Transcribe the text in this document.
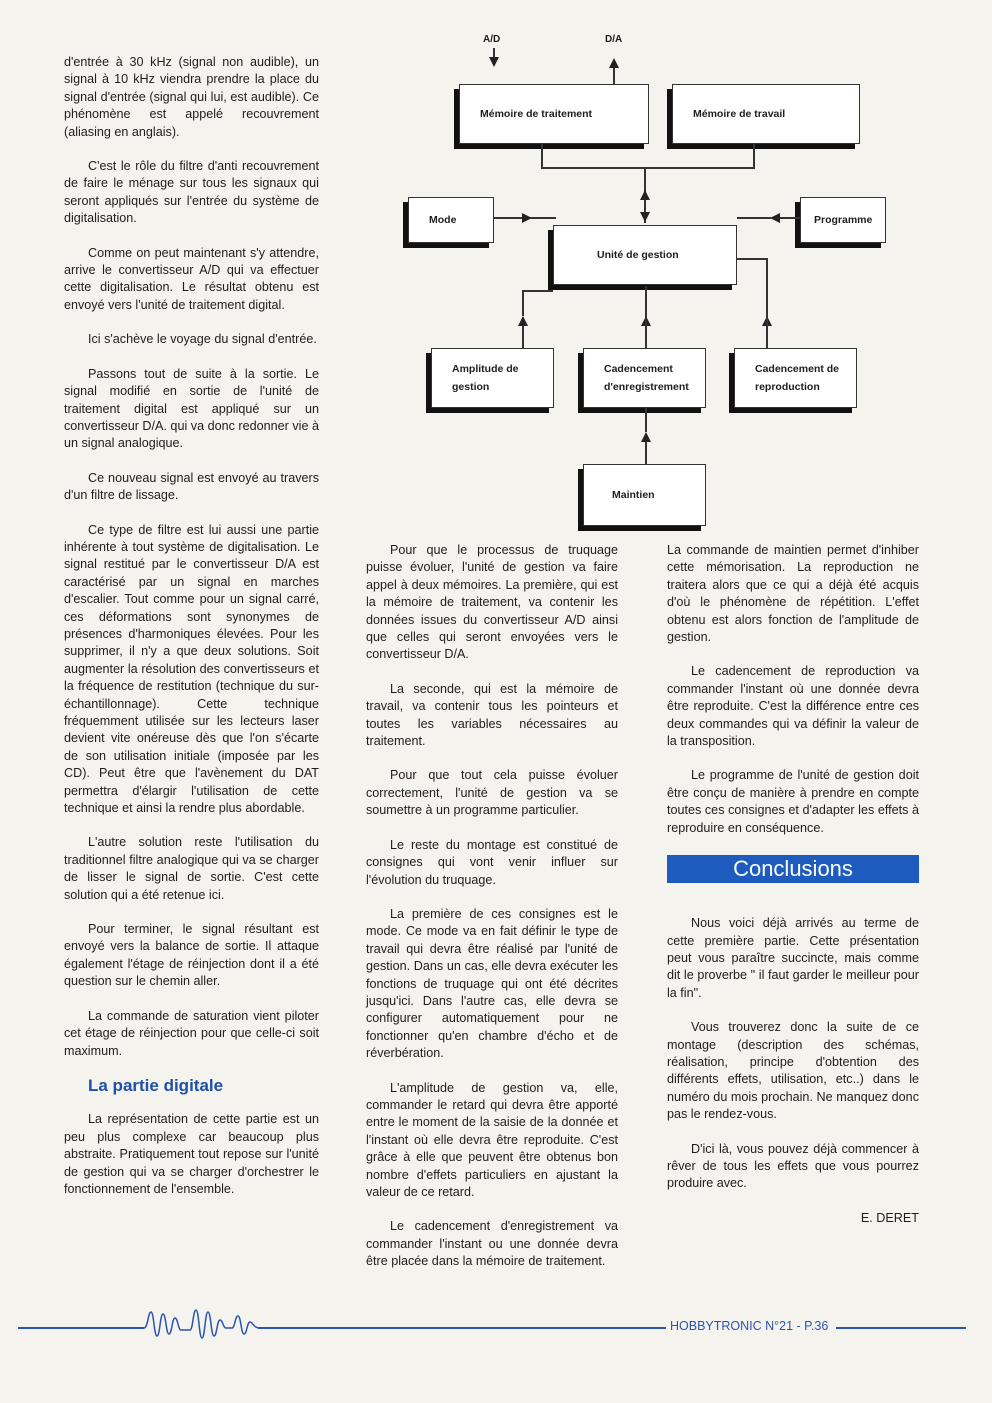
d'entrée à 30 kHz (signal non audible), un signal à 10 kHz viendra prendre la place du signal d'entrée (signal qui lui, est audible). Ce phénomène est appelé recouvrement (aliasing en anglais).

C'est le rôle du filtre d'anti recouvrement de faire le ménage sur tous les signaux qui seront appliqués sur l'entrée du système de digitalisation.

Comme on peut maintenant s'y attendre, arrive le convertisseur A/D qui va effectuer cette digitalisation. Le résultat obtenu est envoyé vers l'unité de traitement digital.

Ici s'achève le voyage du signal d'entrée.

Passons tout de suite à la sortie. Le signal modifié en sortie de l'unité de traitement digital est appliqué sur un convertisseur D/A. qui va donc redonner vie à un signal analogique.

Ce nouveau signal est envoyé au travers d'un filtre de lissage.

Ce type de filtre est lui aussi une partie inhérente à tout système de digitalisation. Le signal restitué par le convertisseur D/A est caractérisé par un signal en marches d'escalier. Tout comme pour un signal carré, ces déformations sont synonymes de présences d'harmoniques élevées. Pour les supprimer, il n'y a que deux solutions. Soit augmenter la résolution des convertisseurs et la fréquence de restitution (technique du sur-échantillonnage). Cette technique fréquemment utilisée sur les lecteurs laser devient vite onéreuse dès que l'on s'écarte de son utilisation initiale (imposée par les CD). Peut être que l'avènement du DAT permettra d'élargir l'utilisation de cette technique et ainsi la rendre plus abordable.

L'autre solution reste l'utilisation du traditionnel filtre analogique qui va se charger de lisser le signal de sortie. C'est cette solution qui a été retenue ici.

Pour terminer, le signal résultant est envoyé vers la balance de sortie. Il attaque également l'étage de réinjection dont il a été question sur le chemin aller.

La commande de saturation vient piloter cet étage de réinjection pour que celle-ci soit maximum.

La partie digitale

La représentation de cette partie est un peu plus complexe car beaucoup plus abstraite. Pratiquement tout repose sur l'unité de gestion qui va se charger d'orchestrer le fonctionnement de l'ensemble.

A/D	D/A
Mémoire de traitement	Mémoire de travail
Mode	Programme
Unité de gestion
Amplitude de gestion
Cadencement d'enregistrement
Cadencement de reproduction
Maintien

Pour que le processus de truquage puisse évoluer, l'unité de gestion va faire appel à deux mémoires. La première, qui est la mémoire de traitement, va contenir les données issues du convertisseur A/D ainsi que celles qui seront envoyées vers le convertisseur D/A.

La seconde, qui est la mémoire de travail, va contenir tous les pointeurs et toutes les variables nécessaires au traitement.

Pour que tout cela puisse évoluer correctement, l'unité de gestion va se soumettre à un programme particulier.

Le reste du montage est constitué de consignes qui vont venir influer sur l'évolution du truquage.

La première de ces consignes est le mode. Ce mode va en fait définir le type de travail qui devra être réalisé par l'unité de gestion. Dans un cas, elle devra exécuter les fonctions de truquage qui ont été décrites jusqu'ici. Dans l'autre cas, elle devra se configurer automatiquement pour ne fonctionner qu'en chambre d'écho et de réverbération.

L'amplitude de gestion va, elle, commander le retard qui devra être apporté entre le moment de la saisie de la donnée et l'instant où elle devra être reproduite. C'est grâce à elle que peuvent être obtenus bon nombre d'effets particuliers en ajustant la valeur de ce retard.

Le cadencement d'enregistrement va commander l'instant ou une donnée devra être placée dans la mémoire de traitement.

La commande de maintien permet d'inhiber cette mémorisation. La reproduction ne traitera alors que ce qui a déjà été acquis d'où le phénomène de répétition. L'effet obtenu est alors fonction de l'amplitude de gestion.

Le cadencement de reproduction va commander l'instant où une donnée devra être reproduite. C'est la différence entre ces deux commandes qui va définir la valeur de la transposition.

Le programme de l'unité de gestion doit être conçu de manière à prendre en compte toutes ces consignes et d'adapter les effets à reproduire en conséquence.

Conclusions

Nous voici déjà arrivés au terme de cette première partie. Cette présentation peut vous paraître succincte, mais comme dit le proverbe " il faut garder le meilleur pour la fin".

Vous trouverez donc la suite de ce montage (description des schémas, réalisation, principe d'obtention des différents effets, utilisation, etc..) dans le numéro du mois prochain. Ne manquez donc pas le rendez-vous.

D'ici là, vous pouvez déjà commencer à rêver de tous les effets que vous pourrez produire avec.

E. DERET

HOBBYTRONIC N°21 - P.36
